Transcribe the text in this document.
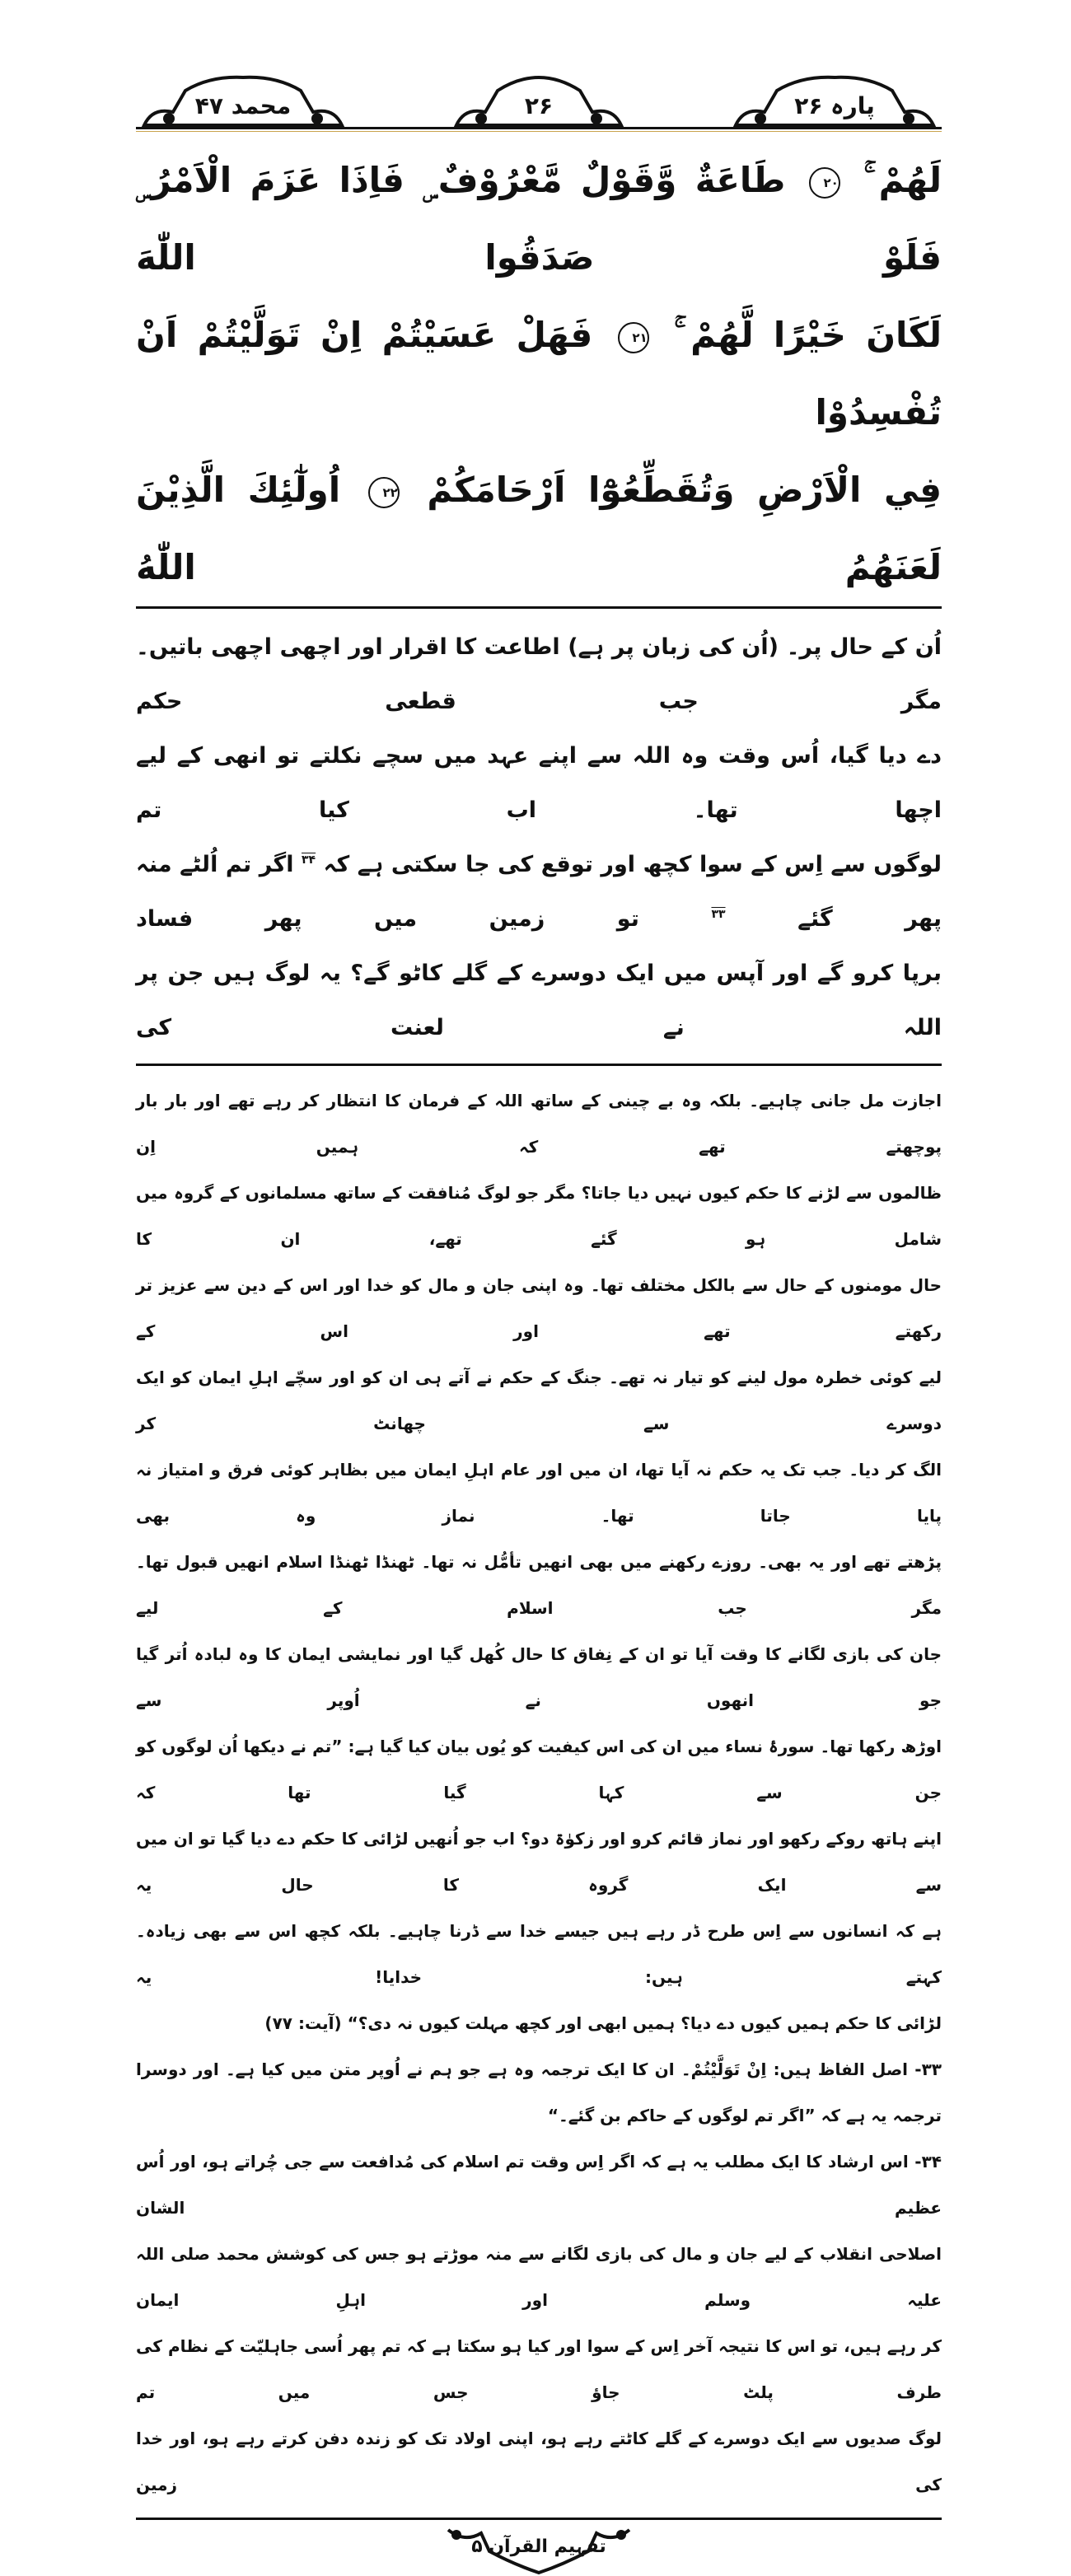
محمد ۴۷	۲۶	پارہ ۲۶
لَهُمْ ۚ ٢٠ طَاعَةٌ وَّقَوْلٌ مَّعْرُوْفٌ ۣ فَاِذَا عَزَمَ الْاَمْرُ ۣ فَلَوْ صَدَقُوا اللّٰهَ
لَكَانَ خَيْرًا لَّهُمْ ۚ ٢١ فَهَلْ عَسَيْتُمْ اِنْ تَوَلَّيْتُمْ اَنْ تُفْسِدُوْا
فِي الْاَرْضِ وَتُقَطِّعُوْٓا اَرْحَامَكُمْ ٢٢ اُولٰٓئِكَ الَّذِيْنَ لَعَنَهُمُ اللّٰهُ
اُن کے حال پر۔ (اُن کی زبان پر ہے) اطاعت کا اقرار اور اچھی اچھی باتیں۔ مگر جب قطعی حکم
دے دیا گیا، اُس وقت وہ اللہ سے اپنے عہد میں سچے نکلتے تو انھی کے لیے اچھا تھا۔ اب کیا تم
لوگوں سے اِس کے سوا کچھ اور توقع کی جا سکتی ہے کہ $^{۳۴}$ اگر تم اُلٹے منہ پھر گئے $^{۳۳}$ تو زمین میں پھر فساد
برپا کرو گے اور آپس میں ایک دوسرے کے گلے کاٹو گے؟ یہ لوگ ہیں جن پر اللہ نے لعنت کی
اجازت مل جانی چاہیے۔ بلکہ وہ بے چینی کے ساتھ اللہ کے فرمان کا انتظار کر رہے تھے اور بار بار پوچھتے تھے کہ ہمیں اِن
ظالموں سے لڑنے کا حکم کیوں نہیں دیا جاتا؟ مگر جو لوگ مُنافقت کے ساتھ مسلمانوں کے گروہ میں شامل ہو گئے تھے، ان کا
حال مومنوں کے حال سے بالکل مختلف تھا۔ وہ اپنی جان و مال کو خدا اور اس کے دین سے عزیز تر رکھتے تھے اور اس کے
لیے کوئی خطرہ مول لینے کو تیار نہ تھے۔ جنگ کے حکم نے آتے ہی ان کو اور سچّے اہلِ ایمان کو ایک دوسرے سے چھانٹ کر
الگ کر دیا۔ جب تک یہ حکم نہ آیا تھا، ان میں اور عام اہلِ ایمان میں بظاہر کوئی فرق و امتیاز نہ پایا جاتا تھا۔ نماز وہ بھی
پڑھتے تھے اور یہ بھی۔ روزے رکھنے میں بھی انھیں تأمُّل نہ تھا۔ ٹھنڈا ٹھنڈا اسلام انھیں قبول تھا۔ مگر جب اسلام کے لیے
جان کی بازی لگانے کا وقت آیا تو ان کے نِفاق کا حال کُھل گیا اور نمایشی ایمان کا وہ لبادہ اُتر گیا جو انھوں نے اُوپر سے
اوڑھ رکھا تھا۔ سورۂ نساء میں ان کی اس کیفیت کو یُوں بیان کیا گیا ہے: ”تم نے دیکھا اُن لوگوں کو جن سے کہا گیا تھا کہ
اپنے ہاتھ روکے رکھو اور نماز قائم کرو اور زکوٰۃ دو؟ اب جو اُنھیں لڑائی کا حکم دے دیا گیا تو ان میں سے ایک گروہ کا حال یہ
ہے کہ انسانوں سے اِس طرح ڈر رہے ہیں جیسے خدا سے ڈرنا چاہیے۔ بلکہ کچھ اس سے بھی زیادہ۔ کہتے ہیں: خدایا! یہ
لڑائی کا حکم ہمیں کیوں دے دیا؟ ہمیں ابھی اور کچھ مہلت کیوں نہ دی؟“ (آیت: ۷۷)
۳۳- اصل الفاظ ہیں: اِنْ تَوَلَّيْتُمْ۔ ان کا ایک ترجمہ وہ ہے جو ہم نے اُوپر متن میں کیا ہے۔ اور دوسرا
ترجمہ یہ ہے کہ ”اگر تم لوگوں کے حاکم بن گئے۔“
۳۴- اس ارشاد کا ایک مطلب یہ ہے کہ اگر اِس وقت تم اسلام کی مُدافعت سے جی چُراتے ہو، اور اُس عظیم الشان
اصلاحی انقلاب کے لیے جان و مال کی بازی لگانے سے منہ موڑتے ہو جس کی کوشش محمد صلی اللہ علیہ وسلم اور اہلِ ایمان
کر رہے ہیں، تو اس کا نتیجہ آخر اِس کے سوا اور کیا ہو سکتا ہے کہ تم پھر اُسی جاہلیّت کے نظام کی طرف پلٹ جاؤ جس میں تم
لوگ صدیوں سے ایک دوسرے کے گلے کاٹتے رہے ہو، اپنی اولاد تک کو زندہ دفن کرتے رہے ہو، اور خدا کی زمین
تفہیم القرآن ۵
